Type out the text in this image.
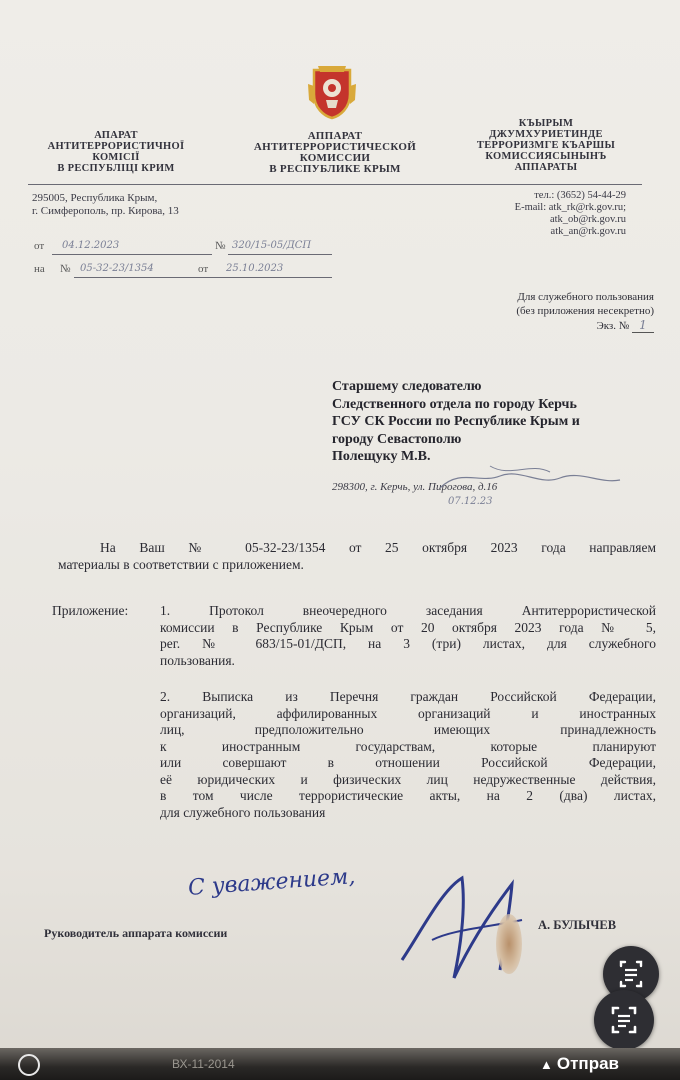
АПАРАТ
АНТИТЕРРОРИСТИЧНОЇ
КОМІСІЇ
В РЕСПУБЛІЦІ КРИМ
АППАРАТ
АНТИТЕРРОРИСТИЧЕСКОЙ
КОМИССИИ
В РЕСПУБЛИКЕ КРЫМ
КЪЫРЫМ
ДЖУМХУРИЕТИНДЕ
ТЕРРОРИЗМГЕ КЪАРШЫ
КОМИССИЯСЫНЫНЪ
АППАРАТЫ
295005, Республика Крым,
г. Симферополь, пр. Кирова, 13
тел.: (3652) 54-44-29
E-mail: atk_rk@rk.gov.ru;
atk_ob@rk.gov.ru
atk_an@rk.gov.ru
от 04.12.2023	№ 320/15-05/ДСП
на № 05-32-23/1354	от 25.10.2023
Для служебного пользования
(без приложения несекретно)
Экз. № 1
Старшему следователю
Следственного отдела по городу Керчь
ГСУ СК России по Республике Крым и
городу Севастополю
Полещуку М.В.
298300, г. Керчь, ул. Пирогова, д.16
07.12.23
На Ваш № 05-32-23/1354 от 25 октября 2023 года направляем
материалы в соответствии с приложением.
Приложение: 1. Протокол внеочередного заседания Антитеррористической
комиссии в Республике Крым от 20 октября 2023 года № 5,
рег. № 683/15-01/ДСП, на 3 (три) листах, для служебного
пользования.
2. Выписка из Перечня граждан Российской Федерации,
организаций, аффилированных организаций и иностранных
лиц, предположительно имеющих принадлежность
к иностранным государствам, которые планируют
или совершают в отношении Российской Федерации,
её юридических и физических лиц недружественные действия,
в том числе террористические акты, на 2 (два) листах,
для служебного пользования
С уважением,
Руководитель аппарата комиссии
А. БУЛЫЧЕВ
ВХ-11-2014	▲ Отправ
